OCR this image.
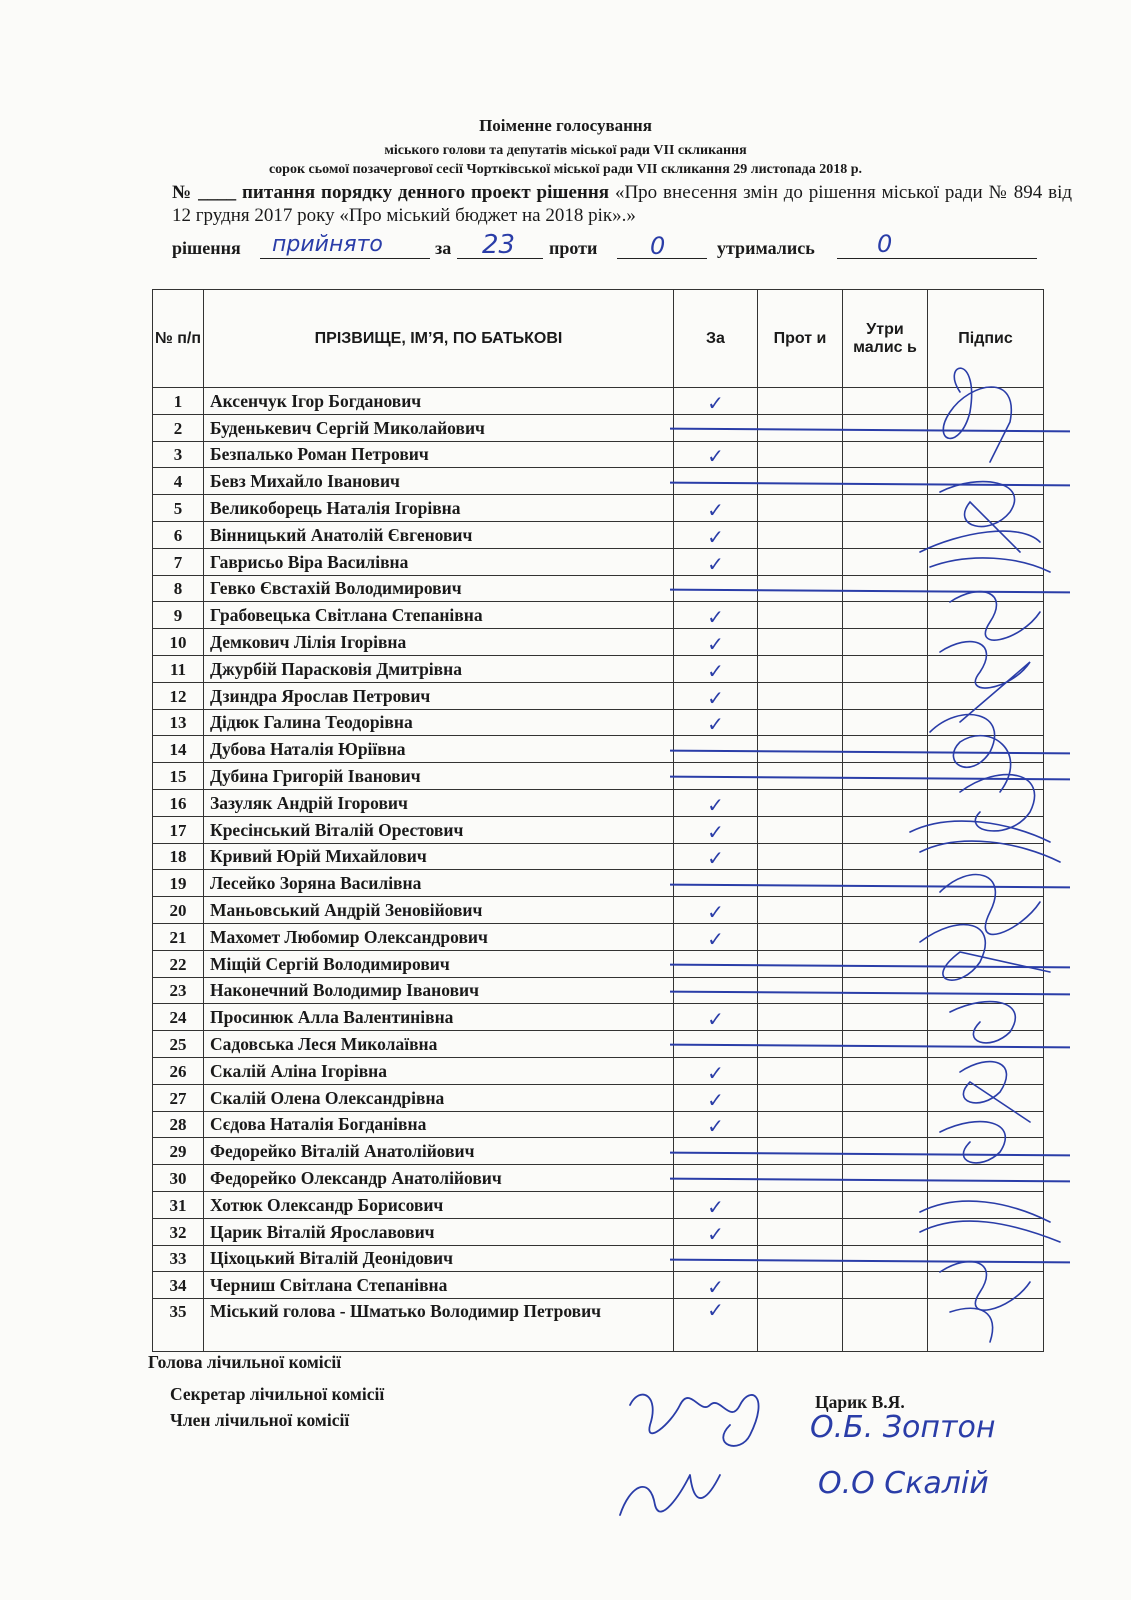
Поіменне голосування
міського голови та депутатів міської ради VII скликання
сорок сьомої позачергової сесії Чортківської міської ради VII скликання 29 листопада 2018 р.
№ ____ питання порядку денного проект рішення «Про внесення змін до рішення міської ради № 894 від 12 грудня 2017 року «Про міський бюджет на 2018 рік».»
рішення прийнято	за 23 проти 0	утримались	0
№ п/п	ПРІЗВИЩЕ, ІМ’Я, ПО БАТЬКОВІ	За	Прот и	Утри малис ь	Підпис
1	Аксенчук Ігор Богданович	✓			
2	Буденькевич Сергій Миколайович				
3	Безпалько Роман Петрович	✓			
4	Бевз Михайло Іванович				
5	Великоборець Наталія Ігорівна	✓			
6	Вінницький Анатолій Євгенович	✓			
7	Гаврисьо Віра Василівна	✓			
8	Гевко Євстахій Володимирович				
9	Грабовецька Світлана Степанівна	✓			
10	Демкович Лілія Ігорівна	✓			
11	Джурбій Парасковія Дмитрівна	✓			
12	Дзиндра Ярослав Петрович	✓			
13	Дідюк Галина Теодорівна	✓			
14	Дубова Наталія Юріївна				
15	Дубина Григорій Іванович				
16	Зазуляк Андрій Ігорович	✓			
17	Кресінський Віталій Орестович	✓			
18	Кривий Юрій Михайлович	✓			
19	Лесейко Зоряна Василівна				
20	Маньовський Андрій Зеновійович	✓			
21	Махомет Любомир Олександрович	✓			
22	Міщій Сергій Володимирович				
23	Наконечний Володимир Іванович				
24	Просинюк Алла Валентинівна	✓			
25	Садовська Леся Миколаївна				
26	Скалій Аліна Ігорівна	✓			
27	Скалій Олена Олександрівна	✓			
28	Сєдова Наталія Богданівна	✓			
29	Федорейко Віталій Анатолійович				
30	Федорейко Олександр Анатолійович				
31	Хотюк Олександр Борисович	✓			
32	Царик Віталій Ярославович	✓			
33	Ціхоцький Віталій Деонідович				
34	Черниш Світлана Степанівна	✓			
35	Міський голова - Шматько Володимир Петрович	✓			
Голова лічильної комісії
Секретар лічильної комісії
Член лічильної комісії
Царик В.Я.
О.Б. Зоптон
О.О Скалій
